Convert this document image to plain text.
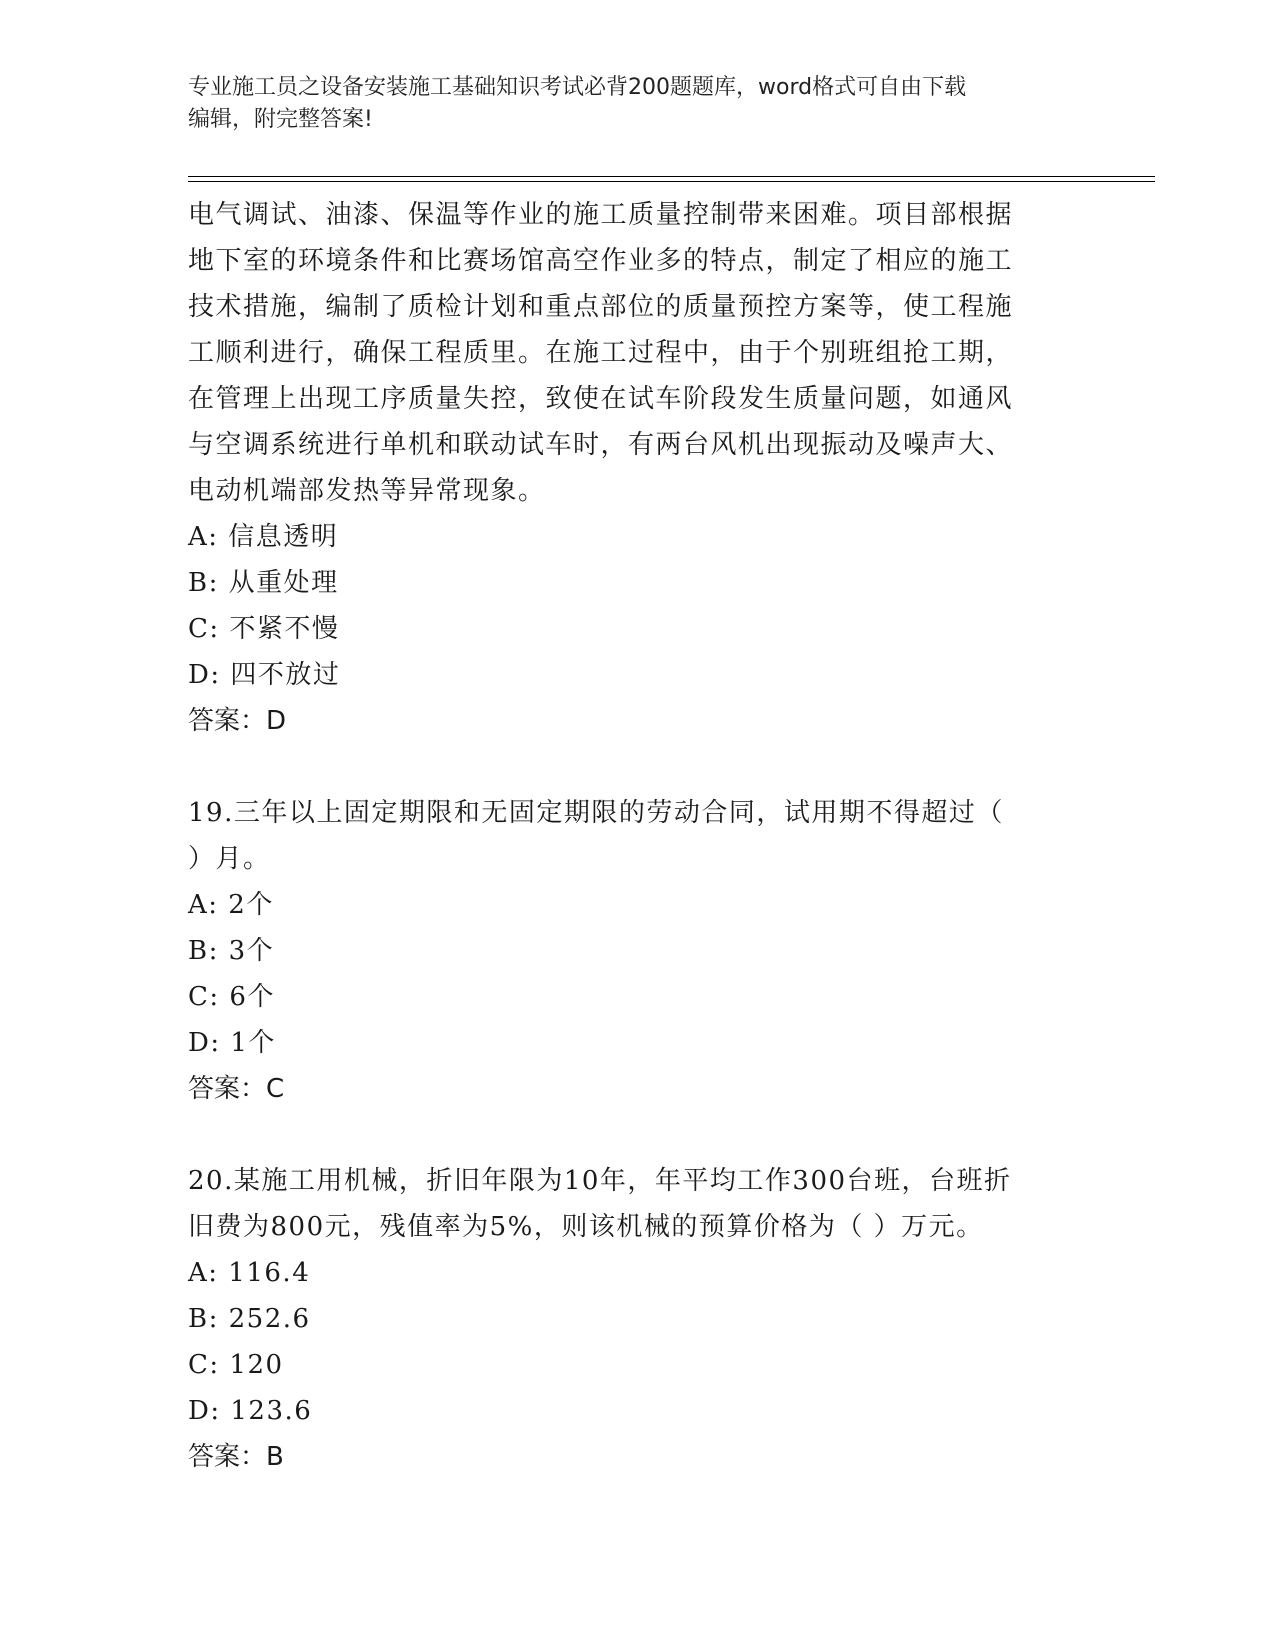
专业施工员之设备安装施工基础知识考试必背200题题库，word格式可自由下载
编辑，附完整答案!

电气调试、油漆、保温等作业的施工质量控制带来困难。项目部根据

地下室的环境条件和比赛场馆高空作业多的特点，制定了相应的施工

技术措施，编制了质检计划和重点部位的质量预控方案等，使工程施

工顺利进行，确保工程质里。在施工过程中，由于个别班组抢工期，

在管理上出现工序质量失控，致使在试车阶段发生质量问题，如通风

与空调系统进行单机和联动试车时，有两台风机出现振动及噪声大、

电动机端部发热等异常现象。

A: 信息透明

B: 从重处理

C: 不紧不慢

D: 四不放过

答案：D

19.三年以上固定期限和无固定期限的劳动合同，试用期不得超过（

）月。

A: 2个

B: 3个

C: 6个

D: 1个

答案：C

20.某施工用机械，折旧年限为10年，年平均工作300台班，台班折

旧费为800元，残值率为5%，则该机械的预算价格为（ ）万元。

A: 116.4

B: 252.6

C: 120

D: 123.6

答案：B
